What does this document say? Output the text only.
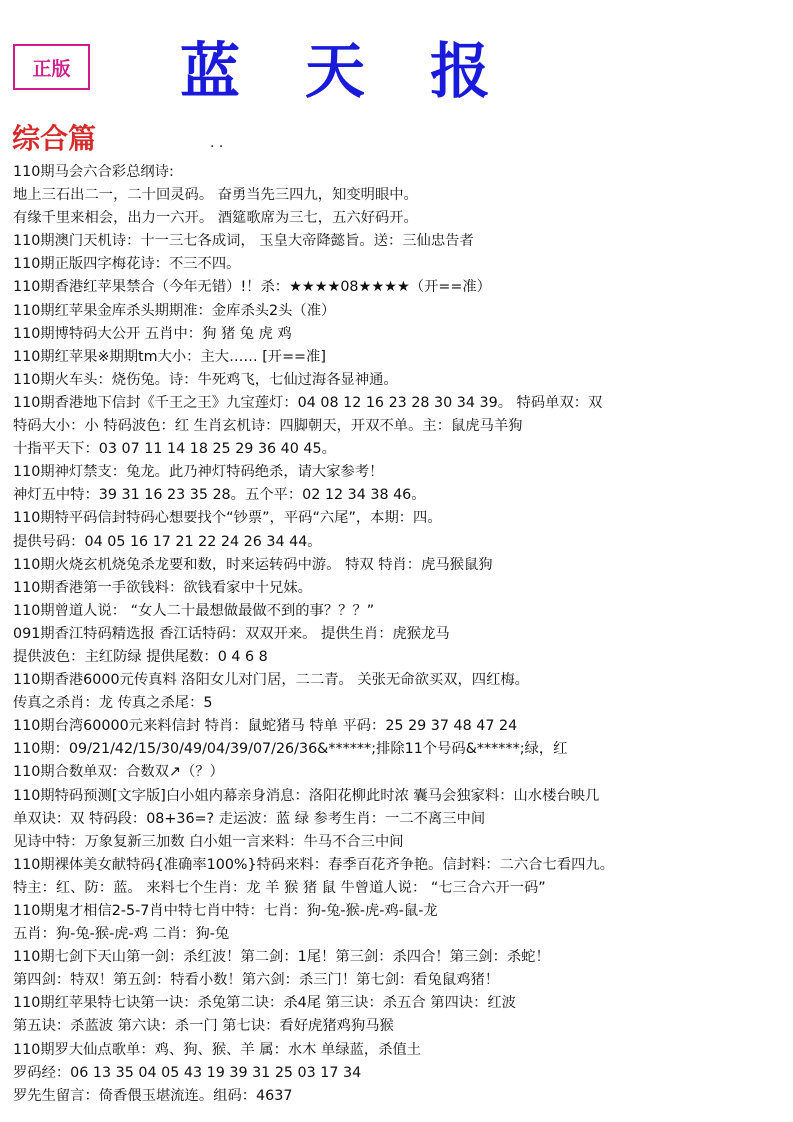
正版	蓝 天 报
综合篇	. .
110期马会六合彩总纲诗:
地上三石出二一，二十回灵码。 奋勇当先三四九，知变明眼中。
有缘千里来相会，出力一六开。 酒筵歌席为三七，五六好码开。
110期澳门天机诗：十一三七各成词， 玉皇大帝降懿旨。送：三仙忠告者
110期正版四字梅花诗：不三不四。
110期香港红苹果禁合（今年无错）!！杀：★★★★08★★★★（开==准）
110期红苹果金库杀头期期准：金库杀头2头（准）
110期博特码大公开 五肖中：狗 猪 兔 虎 鸡
110期红苹果※期期tm大小：主大…… [开==准]
110期火车头：烧伤兔。诗：牛死鸡飞，七仙过海各显神通。
110期香港地下信封《千王之王》九宝莲灯：04 08 12 16 23 28 30 34 39。 特码单双：双
特码大小：小 特码波色：红 生肖玄机诗：四脚朝天，开双不单。主：鼠虎马羊狗
十指平天下：03 07 11 14 18 25 29 36 40 45。
110期神灯禁支：兔龙。此乃神灯特码绝杀，请大家参考！
神灯五中特：39 31 16 23 35 28。五个平：02 12 34 38 46。
110期特平码信封特码心想要找个“钞票”，平码“六尾”，本期：四。
提供号码：04 05 16 17 21 22 24 26 34 44。
110期火烧玄机烧兔杀龙要和数，时来运转码中游。 特双 特肖：虎马猴鼠狗
110期香港第一手欲钱料：欲钱看家中十兄妹。
110期曾道人说： “女人二十最想做最做不到的事？？？”
091期香江特码精选报 香江话特码：双双开来。 提供生肖：虎猴龙马
提供波色：主红防绿 提供尾数：0 4 6 8
110期香港6000元传真料 洛阳女儿对门居，二二青。 关张无命欲买双，四红梅。
传真之杀肖：龙 传真之杀尾：5
110期台湾60000元来料信封 特肖：鼠蛇猪马 特单 平码：25 29 37 48 47 24
110期：09/21/42/15/30/49/04/39/07/26/36&******;排除11个号码&******;绿，红
110期合数单双：合数双↗（？）
110期特码预测[文字版]白小姐内幕亲身消息：洛阳花柳此时浓 囊马会独家料：山水楼台映几
单双诀：双 特码段：08+36=? 走运波：蓝 绿 参考生肖：一二不离三中间
见诗中特：万象复新三加数 白小姐一言来料：牛马不合三中间
110期裸体美女献特码{准确率100%}特码来料：春季百花齐争艳。信封料：二六合七看四九。
特主：红、防：蓝。 来料七个生肖：龙 羊 猴 猪 鼠 牛曾道人说： “七三合六开一码”
110期鬼才相信2-5-7肖中特七肖中特：七肖：狗-兔-猴-虎-鸡-鼠-龙
五肖：狗-兔-猴-虎-鸡 二肖：狗-兔
110期七剑下天山第一剑：杀红波！第二剑：1尾！第三剑：杀四合！第三剑：杀蛇！
第四剑：特双！第五剑：特看小数！第六剑：杀三门！第七剑：看兔鼠鸡猪！
110期红苹果特七诀第一诀：杀兔第二诀：杀4尾 第三诀：杀五合 第四诀：红波
第五诀：杀蓝波 第六诀：杀一门 第七诀：看好虎猪鸡狗马猴
110期罗大仙点歌单：鸡、狗、猴、羊 属：水木 单绿蓝，杀值土
罗码经：06 13 35 04 05 43 19 39 31 25 03 17 34
罗先生留言：倚香偎玉堪流连。组码：4637
